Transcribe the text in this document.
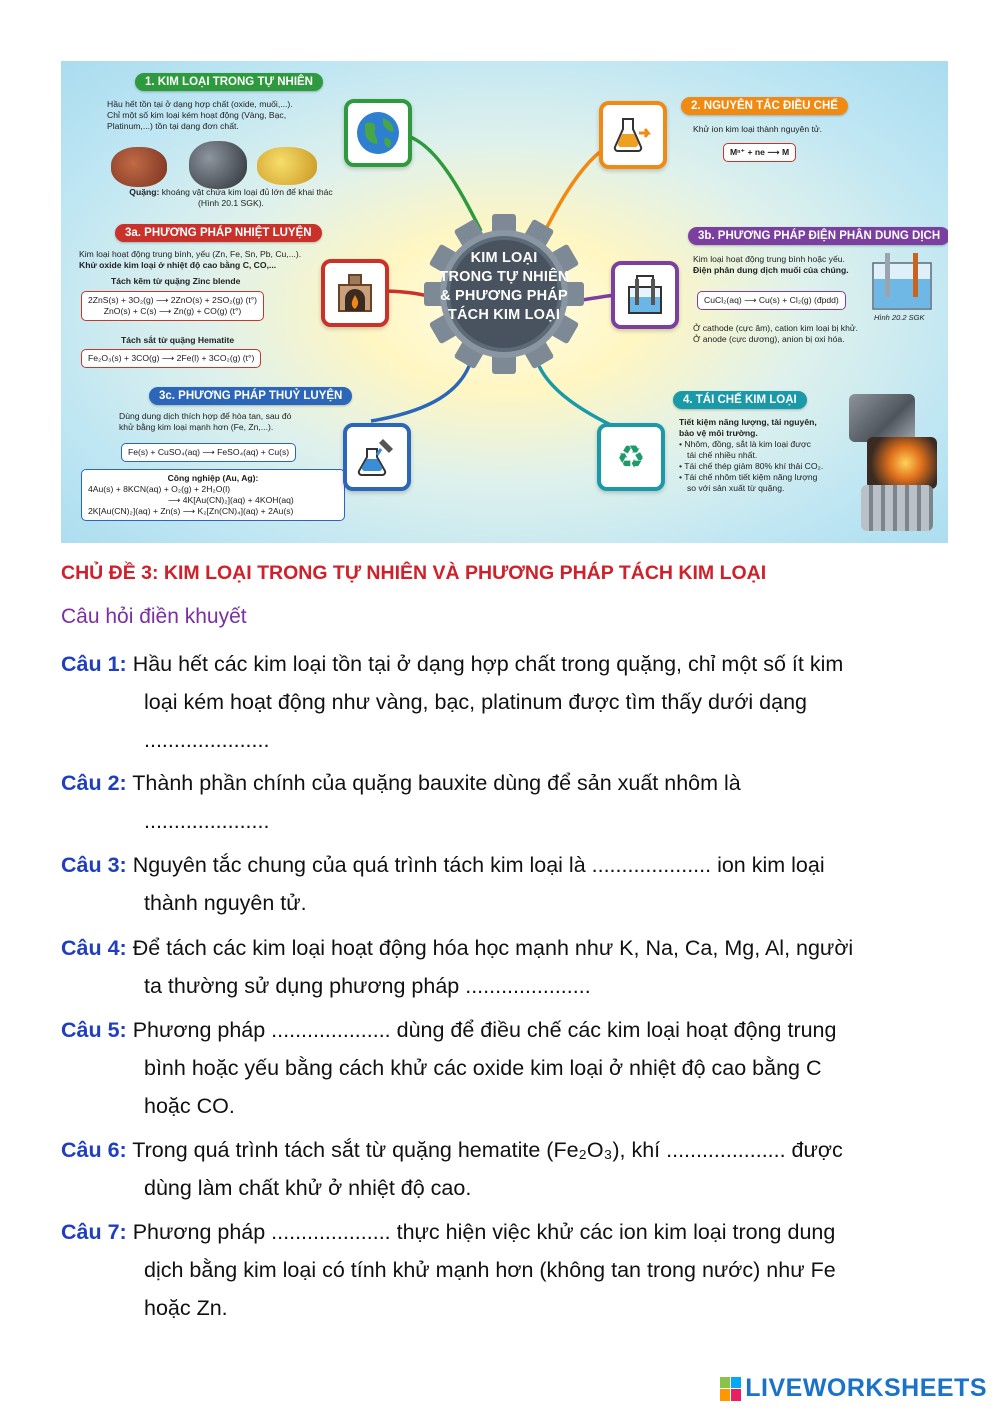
KIM LOẠI
TRONG TỰ NHIÊN
& PHƯƠNG PHÁP
TÁCH KIM LOẠI
1. KIM LOẠI TRONG TỰ NHIÊN
Hầu hết tồn tại ở dạng hợp chất (oxide, muối,...).
Chỉ một số kim loại kém hoạt động (Vàng, Bạc,
Platinum,...) tồn tại dạng đơn chất.
Quặng: khoáng vật chứa kim loại đủ lớn để khai thác
(Hình 20.1 SGK).
2. NGUYÊN TẮC ĐIỀU CHẾ
Khử ion kim loại thành nguyên tử.
Mⁿ⁺ + ne ⟶ M
3a. PHƯƠNG PHÁP NHIỆT LUYỆN
Kim loại hoạt động trung bình, yếu (Zn, Fe, Sn, Pb, Cu,...).
Khử oxide kim loại ở nhiệt độ cao bằng C, CO,...
Tách kẽm từ quặng Zinc blende
2ZnS(s) + 3O₂(g) ⟶ 2ZnO(s) + 2SO₂(g) (t°)
ZnO(s) + C(s) ⟶ Zn(g) + CO(g) (t°)
Tách sắt từ quặng Hematite
Fe₂O₃(s) + 3CO(g) ⟶ 2Fe(l) + 3CO₂(g) (t°)
3b. PHƯƠNG PHÁP ĐIỆN PHÂN DUNG DỊCH
Kim loại hoạt động trung bình hoặc yếu.
Điện phân dung dịch muối của chúng.
CuCl₂(aq) ⟶ Cu(s) + Cl₂(g) (đpdd)
Hình 20.2 SGK
Ở cathode (cực âm), cation kim loại bị khử.
Ở anode (cực dương), anion bị oxi hóa.
3c. PHƯƠNG PHÁP THUỶ LUYỆN
Dùng dung dịch thích hợp để hòa tan, sau đó
khử bằng kim loại mạnh hơn (Fe, Zn,...).
Fe(s) + CuSO₄(aq) ⟶ FeSO₄(aq) + Cu(s)
Công nghiệp (Au, Ag):
4Au(s) + 8KCN(aq) + O₂(g) + 2H₂O(l)
⟶ 4K[Au(CN)₂](aq) + 4KOH(aq)
2K[Au(CN)₂](aq) + Zn(s) ⟶ K₂[Zn(CN)₄](aq) + 2Au(s)
♻
4. TÁI CHẾ KIM LOẠI
Tiết kiệm năng lượng, tài nguyên,
bảo vệ môi trường.
• Nhôm, đồng, sắt là kim loại được
tái chế nhiều nhất.
• Tái chế thép giảm 80% khí thải CO₂.
• Tái chế nhôm tiết kiệm năng lượng
so với sản xuất từ quặng.
CHỦ ĐỀ 3: KIM LOẠI TRONG TỰ NHIÊN VÀ PHƯƠNG PHÁP TÁCH KIM LOẠI
Câu hỏi điền khuyết
Câu 1: Hầu hết các kim loại tồn tại ở dạng hợp chất trong quặng, chỉ một số ít kim
loại kém hoạt động như vàng, bạc, platinum được tìm thấy dưới dạng
.....................
Câu 2: Thành phần chính của quặng bauxite dùng để sản xuất nhôm là
.....................
Câu 3: Nguyên tắc chung của quá trình tách kim loại là .................... ion kim loại
thành nguyên tử.
Câu 4: Để tách các kim loại hoạt động hóa học mạnh như K, Na, Ca, Mg, Al, người
ta thường sử dụng phương pháp .....................
Câu 5: Phương pháp .................... dùng để điều chế các kim loại hoạt động trung
bình hoặc yếu bằng cách khử các oxide kim loại ở nhiệt độ cao bằng C
hoặc CO.
Câu 6: Trong quá trình tách sắt từ quặng hematite (Fe₂O₃), khí .................... được
dùng làm chất khử ở nhiệt độ cao.
Câu 7: Phương pháp .................... thực hiện việc khử các ion kim loại trong dung
dịch bằng kim loại có tính khử mạnh hơn (không tan trong nước) như Fe
hoặc Zn.
LIVEWORKSHEETS
